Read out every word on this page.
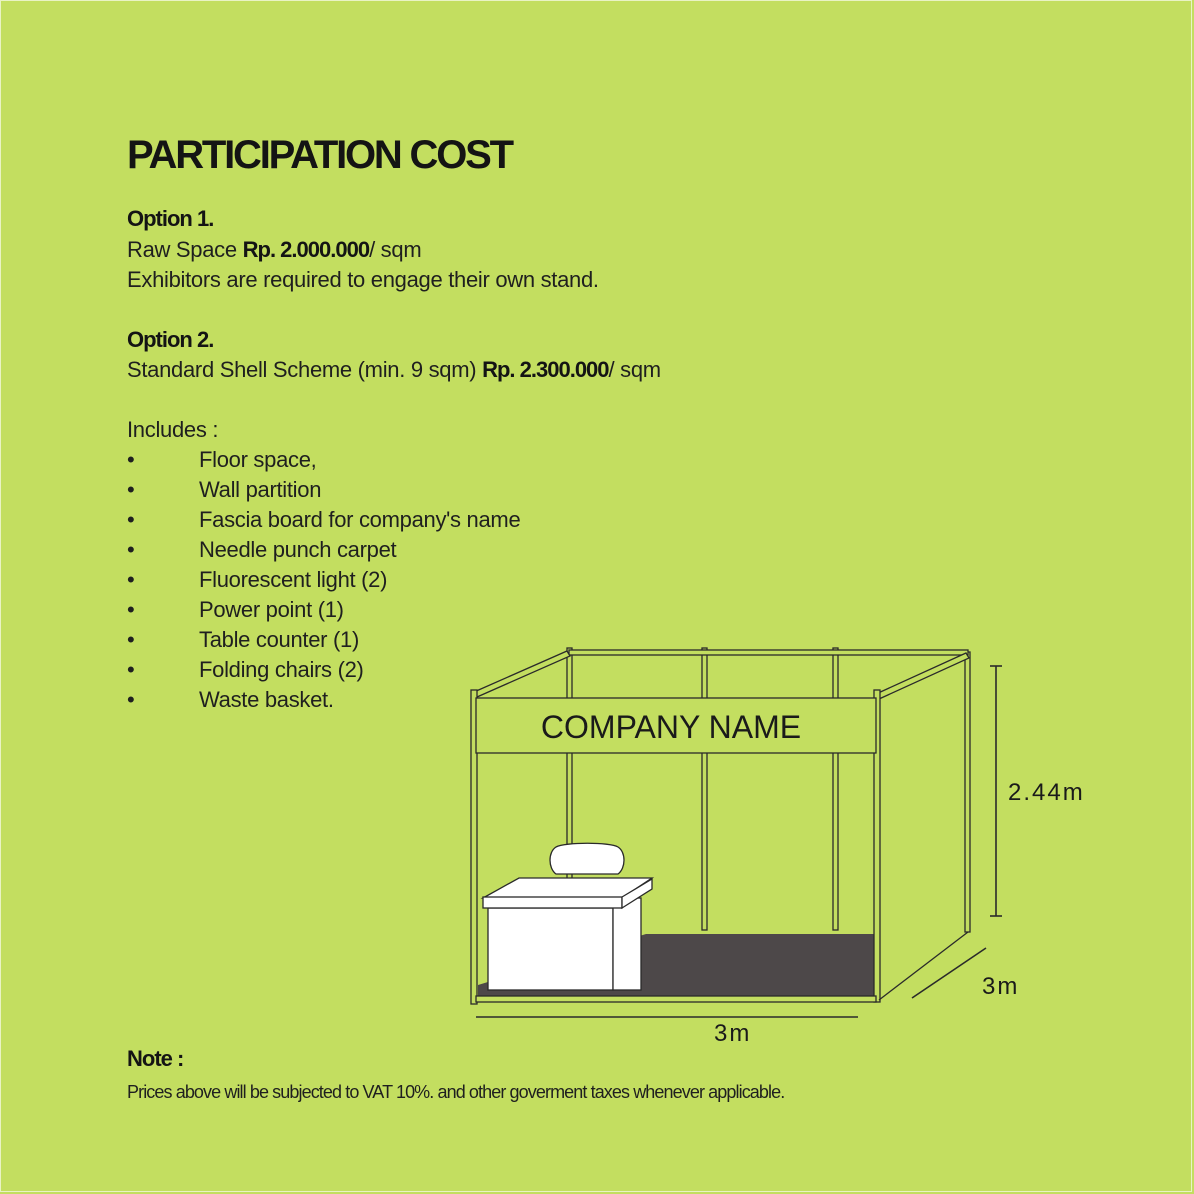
PARTICIPATION COST
Option 1.
Raw Space Rp. 2.000.000/ sqm
Exhibitors are required to engage their own stand.
Option 2.
Standard Shell Scheme (min. 9 sqm) Rp. 2.300.000/ sqm
Includes :
•	Floor space,
•	Wall partition
•	Fascia board for company's name
•	Needle punch carpet
•	Fluorescent light (2)
•	Power point (1)
•	Table counter (1)
•	Folding chairs (2)
•	Waste basket.
COMPANY NAME
2.44m
3m
3m
Note :
Prices above will be subjected to VAT 10%. and other goverment taxes whenever applicable.
